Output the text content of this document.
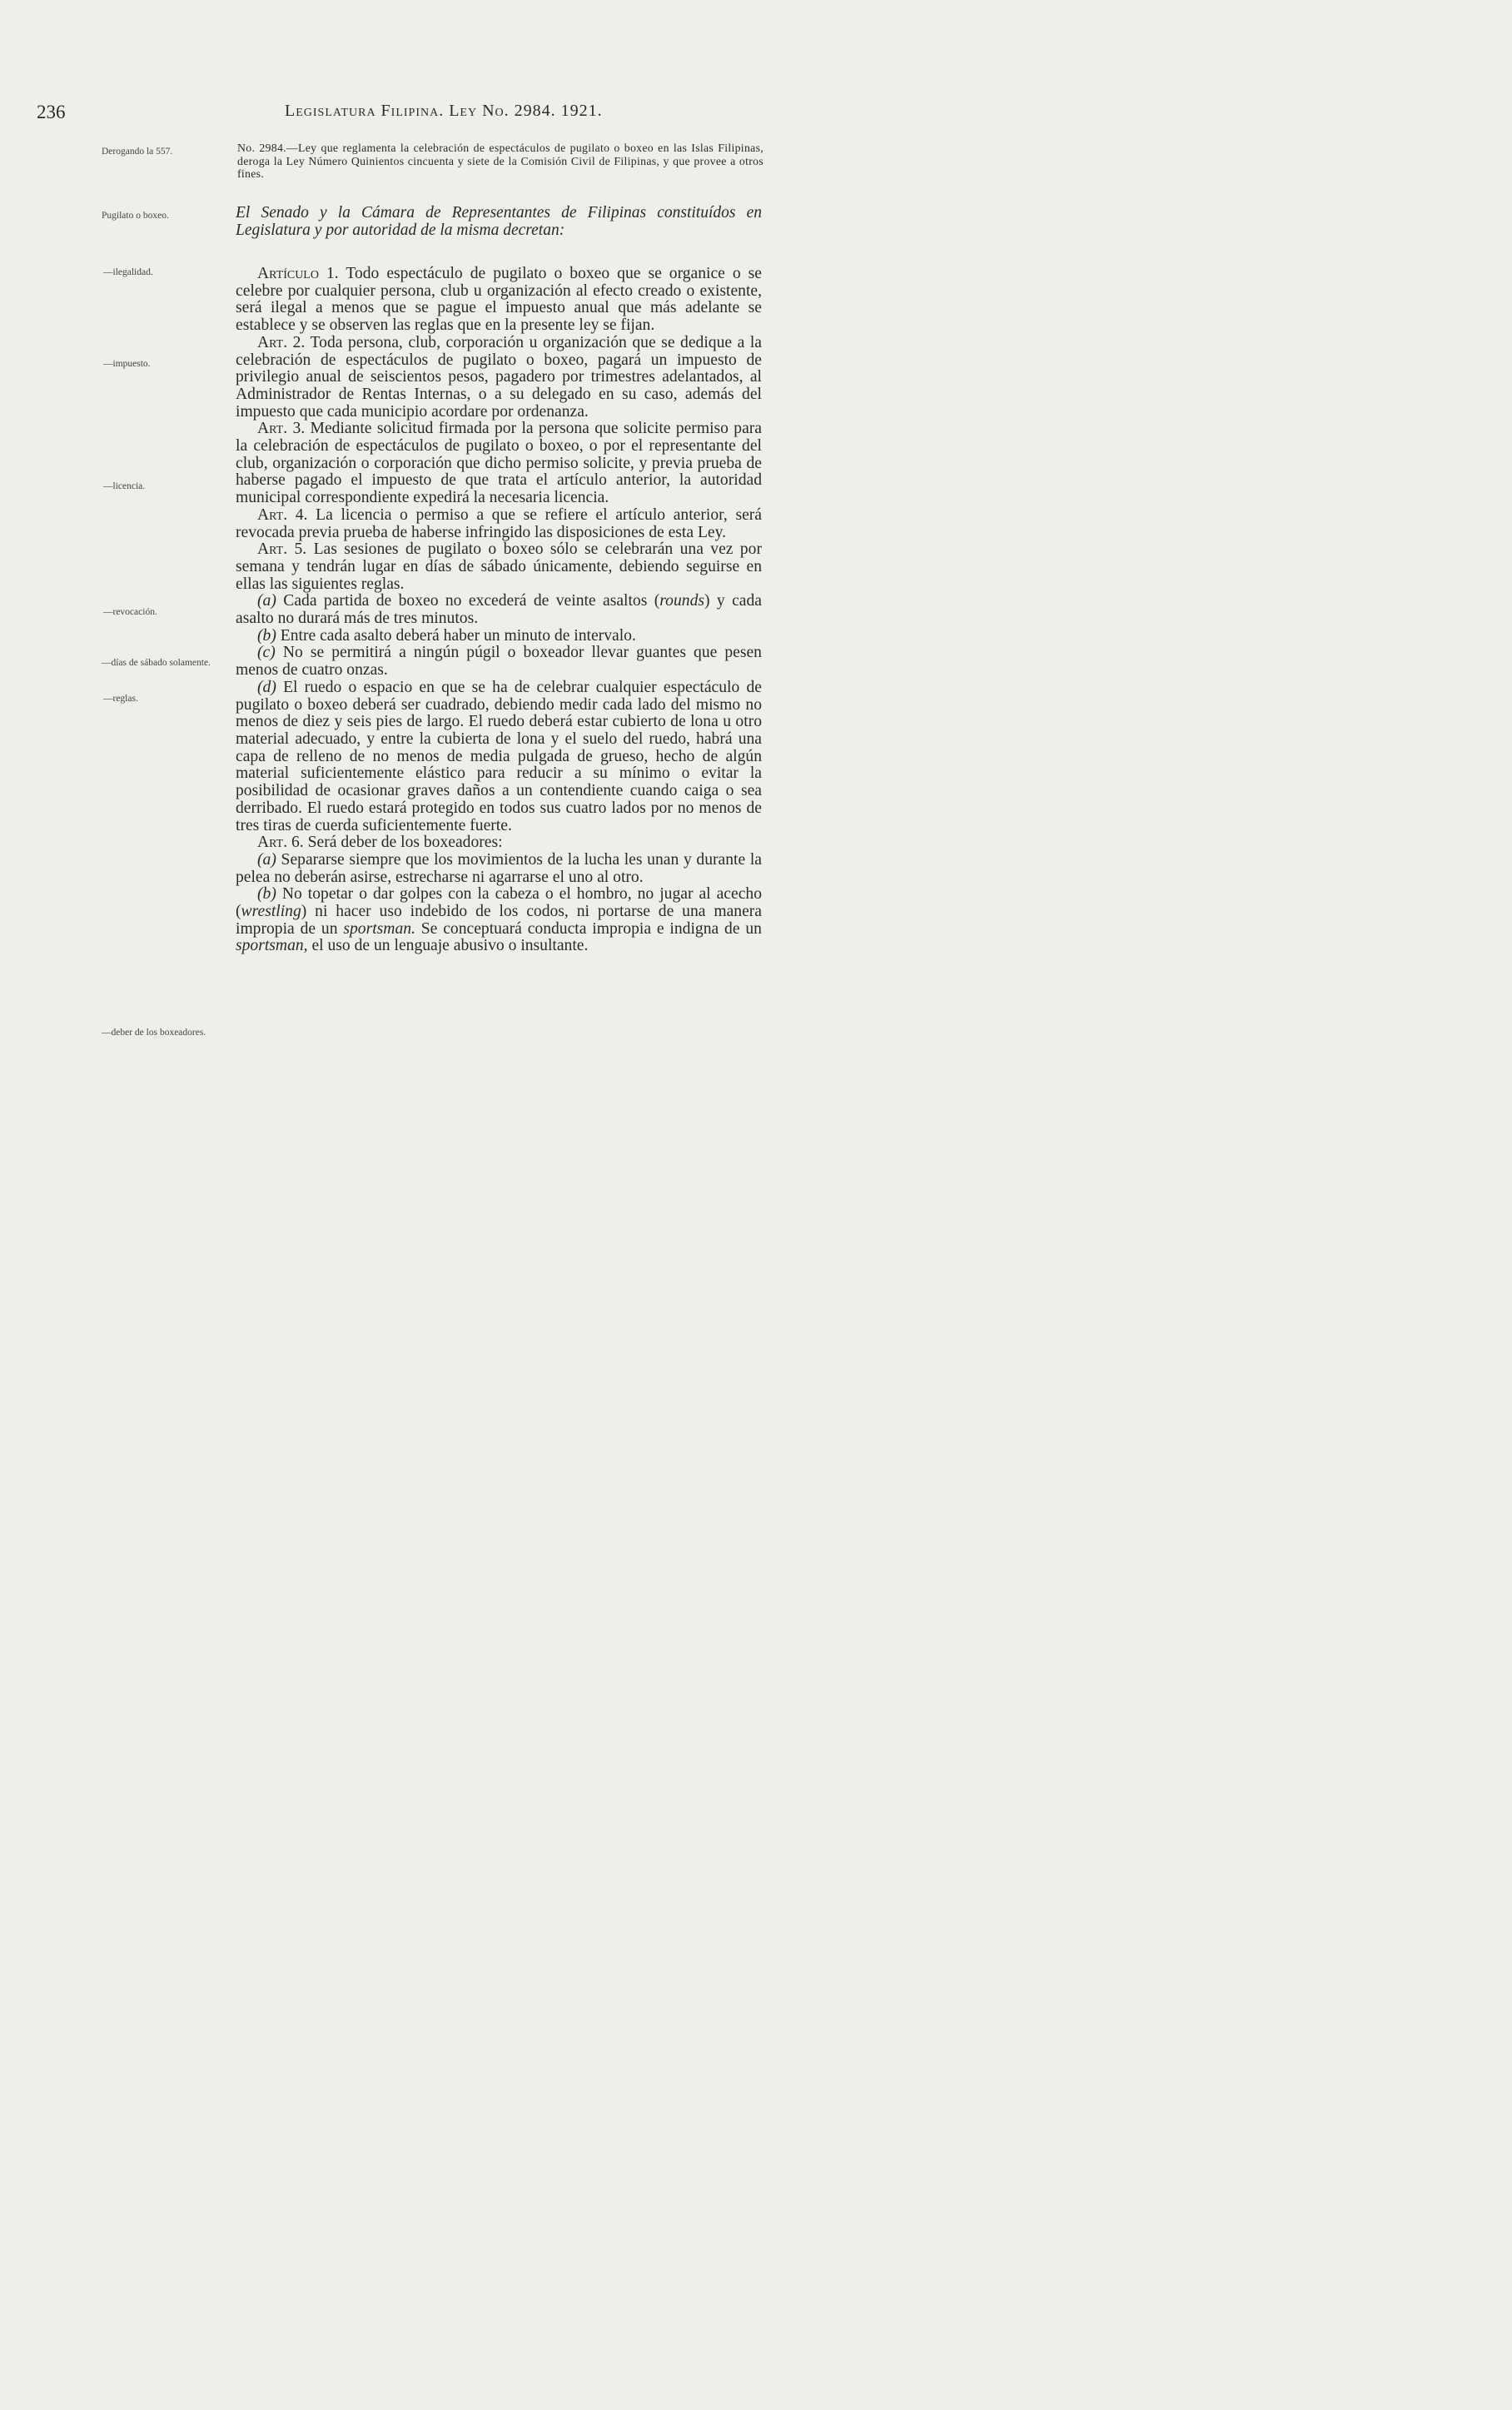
236	Legislatura Filipina. Ley No. 2984. 1921.
Derogando la 557.
Pugilato o boxeo.
—ilegalidad.
—impuesto.
—licencia.
—revocación.
—días de sábado solamente.
—reglas.
—deber de los boxeadores.
No. 2984.—Ley que reglamenta la celebración de espectáculos de pugilato o boxeo en las Islas Filipinas, deroga la Ley Número Quinientos cincuenta y siete de la Comisión Civil de Filipinas, y que provee a otros fines.
El Senado y la Cámara de Representantes de Filipinas constituídos en Legislatura y por autoridad de la misma decretan:

Artículo 1. Todo espectáculo de pugilato o boxeo que se organice o se celebre por cualquier persona, club u organización al efecto creado o existente, será ilegal a menos que se pague el impuesto anual que más adelante se establece y se observen las reglas que en la presente ley se fijan.

Art. 2. Toda persona, club, corporación u organización que se dedique a la celebración de espectáculos de pugilato o boxeo, pagará un impuesto de privilegio anual de seiscientos pesos, pagadero por trimestres adelantados, al Administrador de Rentas Internas, o a su delegado en su caso, además del impuesto que cada municipio acordare por ordenanza.

Art. 3. Mediante solicitud firmada por la persona que solicite permiso para la celebración de espectáculos de pugilato o boxeo, o por el representante del club, organización o corporación que dicho permiso solicite, y previa prueba de haberse pagado el impuesto de que trata el artículo anterior, la autoridad municipal correspondiente expedirá la necesaria licencia.

Art. 4. La licencia o permiso a que se refiere el artículo anterior, será revocada previa prueba de haberse infringido las disposiciones de esta Ley.

Art. 5. Las sesiones de pugilato o boxeo sólo se celebrarán una vez por semana y tendrán lugar en días de sábado únicamente, debiendo seguirse en ellas las siguientes reglas.

(a) Cada partida de boxeo no excederá de veinte asaltos (rounds) y cada asalto no durará más de tres minutos.

(b) Entre cada asalto deberá haber un minuto de intervalo.

(c) No se permitirá a ningún púgil o boxeador llevar guantes que pesen menos de cuatro onzas.

(d) El ruedo o espacio en que se ha de celebrar cualquier espectáculo de pugilato o boxeo deberá ser cuadrado, debiendo medir cada lado del mismo no menos de diez y seis pies de largo. El ruedo deberá estar cubierto de lona u otro material adecuado, y entre la cubierta de lona y el suelo del ruedo, habrá una capa de relleno de no menos de media pulgada de grueso, hecho de algún material suficientemente elástico para reducir a su mínimo o evitar la posibilidad de ocasionar graves daños a un contendiente cuando caiga o sea derribado. El ruedo estará protegido en todos sus cuatro lados por no menos de tres tiras de cuerda suficientemente fuerte.

Art. 6. Será deber de los boxeadores:

(a) Separarse siempre que los movimientos de la lucha les unan y durante la pelea no deberán asirse, estrecharse ni agarrarse el uno al otro.

(b) No topetar o dar golpes con la cabeza o el hombro, no jugar al acecho (wrestling) ni hacer uso indebido de los codos, ni portarse de una manera impropia de un sportsman. Se conceptuará conducta impropia e indigna de un sportsman, el uso de un lenguaje abusivo o insultante.
